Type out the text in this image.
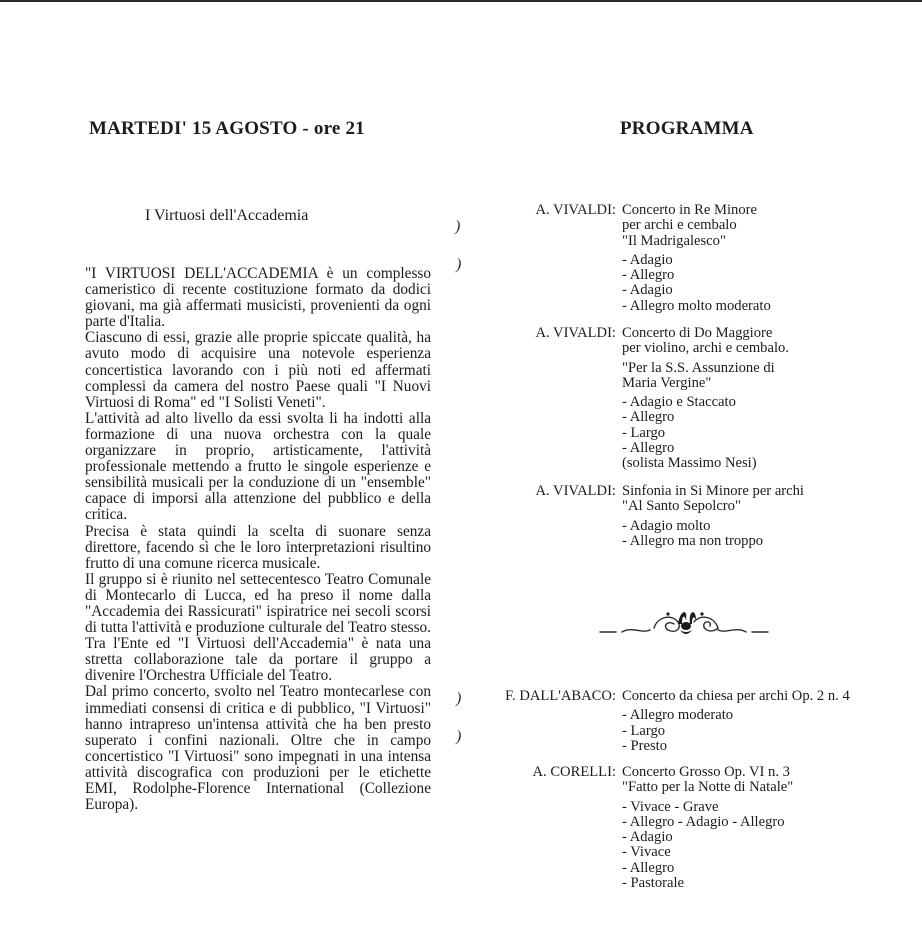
MARTEDI' 15 AGOSTO - ore 21	PROGRAMMA
I Virtuosi dell'Accademia

"I VIRTUOSI DELL'ACCADEMIA è un complesso cameristico di recente costituzione formato da dodici giovani, ma già affermati musicisti, provenienti da ogni parte d'Italia.

Ciascuno di essi, grazie alle proprie spiccate qualità, ha avuto modo di acquisire una notevole esperienza concertistica lavorando con i più noti ed affermati complessi da camera del nostro Paese quali "I Nuovi Virtuosi di Roma" ed "I Solisti Veneti".

L'attività ad alto livello da essi svolta li ha indotti alla formazione di una nuova orchestra con la quale organizzare in proprio, artisticamente, l'attività professionale mettendo a frutto le singole esperienze e sensibilità musicali per la conduzione di un "ensemble" capace di imporsi alla attenzione del pubblico e della critica.

Precisa è stata quindi la scelta di suonare senza direttore, facendo sì che le loro interpretazioni risultino frutto di una comune ricerca musicale.

Il gruppo si è riunito nel settecentesco Teatro Comunale di Montecarlo di Lucca, ed ha preso il nome dalla "Accademia dei Rassicurati" ispiratrice nei secoli scorsi di tutta l'attività e produzione culturale del Teatro stesso. Tra l'Ente ed "I Virtuosi dell'Accademia" è nata una stretta collaborazione tale da portare il gruppo a divenire l'Orchestra Ufficiale del Teatro.

Dal primo concerto, svolto nel Teatro montecarlese con immediati consensi di critica e di pubblico, "I Virtuosi" hanno intrapreso un'intensa attività che ha ben presto superato i confini nazionali. Oltre che in campo concertistico "I Virtuosi" sono impegnati in una intensa attività discografica con produzioni per le etichette EMI, Rodolphe-Florence International (Collezione Europa).

)
)
)
)
A. VIVALDI: Concerto in Re Minore
per archi e cembalo
"Il Madrigalesco"
- Adagio
- Allegro
- Adagio
- Allegro molto moderato
A. VIVALDI: Concerto di Do Maggiore
per violino, archi e cembalo.
"Per la S.S. Assunzione di
Maria Vergine"
- Adagio e Staccato
- Allegro
- Largo
- Allegro
(solista Massimo Nesi)
A. VIVALDI: Sinfonia in Si Minore per archi
"Al Santo Sepolcro"
- Adagio molto
- Allegro ma non troppo
F. DALL'ABACO: Concerto da chiesa per archi Op. 2 n. 4
- Allegro moderato
- Largo
- Presto
A. CORELLI: Concerto Grosso Op. VI n. 3
"Fatto per la Notte di Natale"
- Vivace - Grave
- Allegro - Adagio - Allegro
- Adagio
- Vivace
- Allegro
- Pastorale
